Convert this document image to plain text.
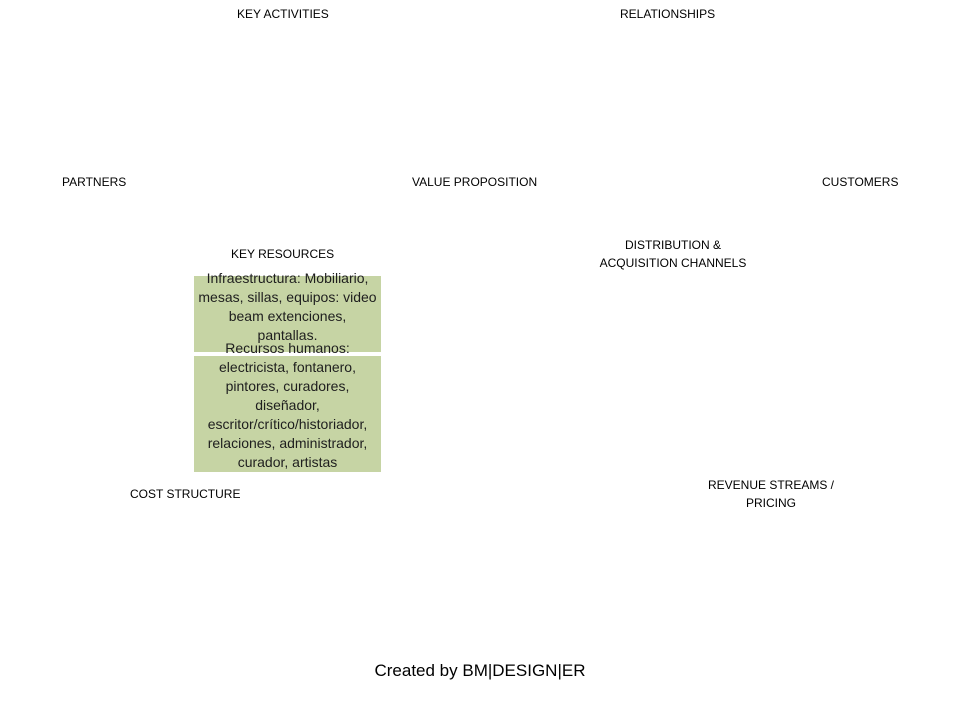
KEY ACTIVITIES	RELATIONSHIPS
PARTNERS	VALUE PROPOSITION	CUSTOMERS
KEY RESOURCES
DISTRIBUTION &
ACQUISITION CHANNELS
Infraestructura: Mobiliario, mesas, sillas, equipos: video beam extenciones, pantallas.
Recursos humanos: electricista, fontanero, pintores, curadores, diseñador, escritor/crítico/historiador, relaciones, administrador, curador, artistas
COST STRUCTURE
REVENUE STREAMS /
PRICING
Created by BM|DESIGN|ER
